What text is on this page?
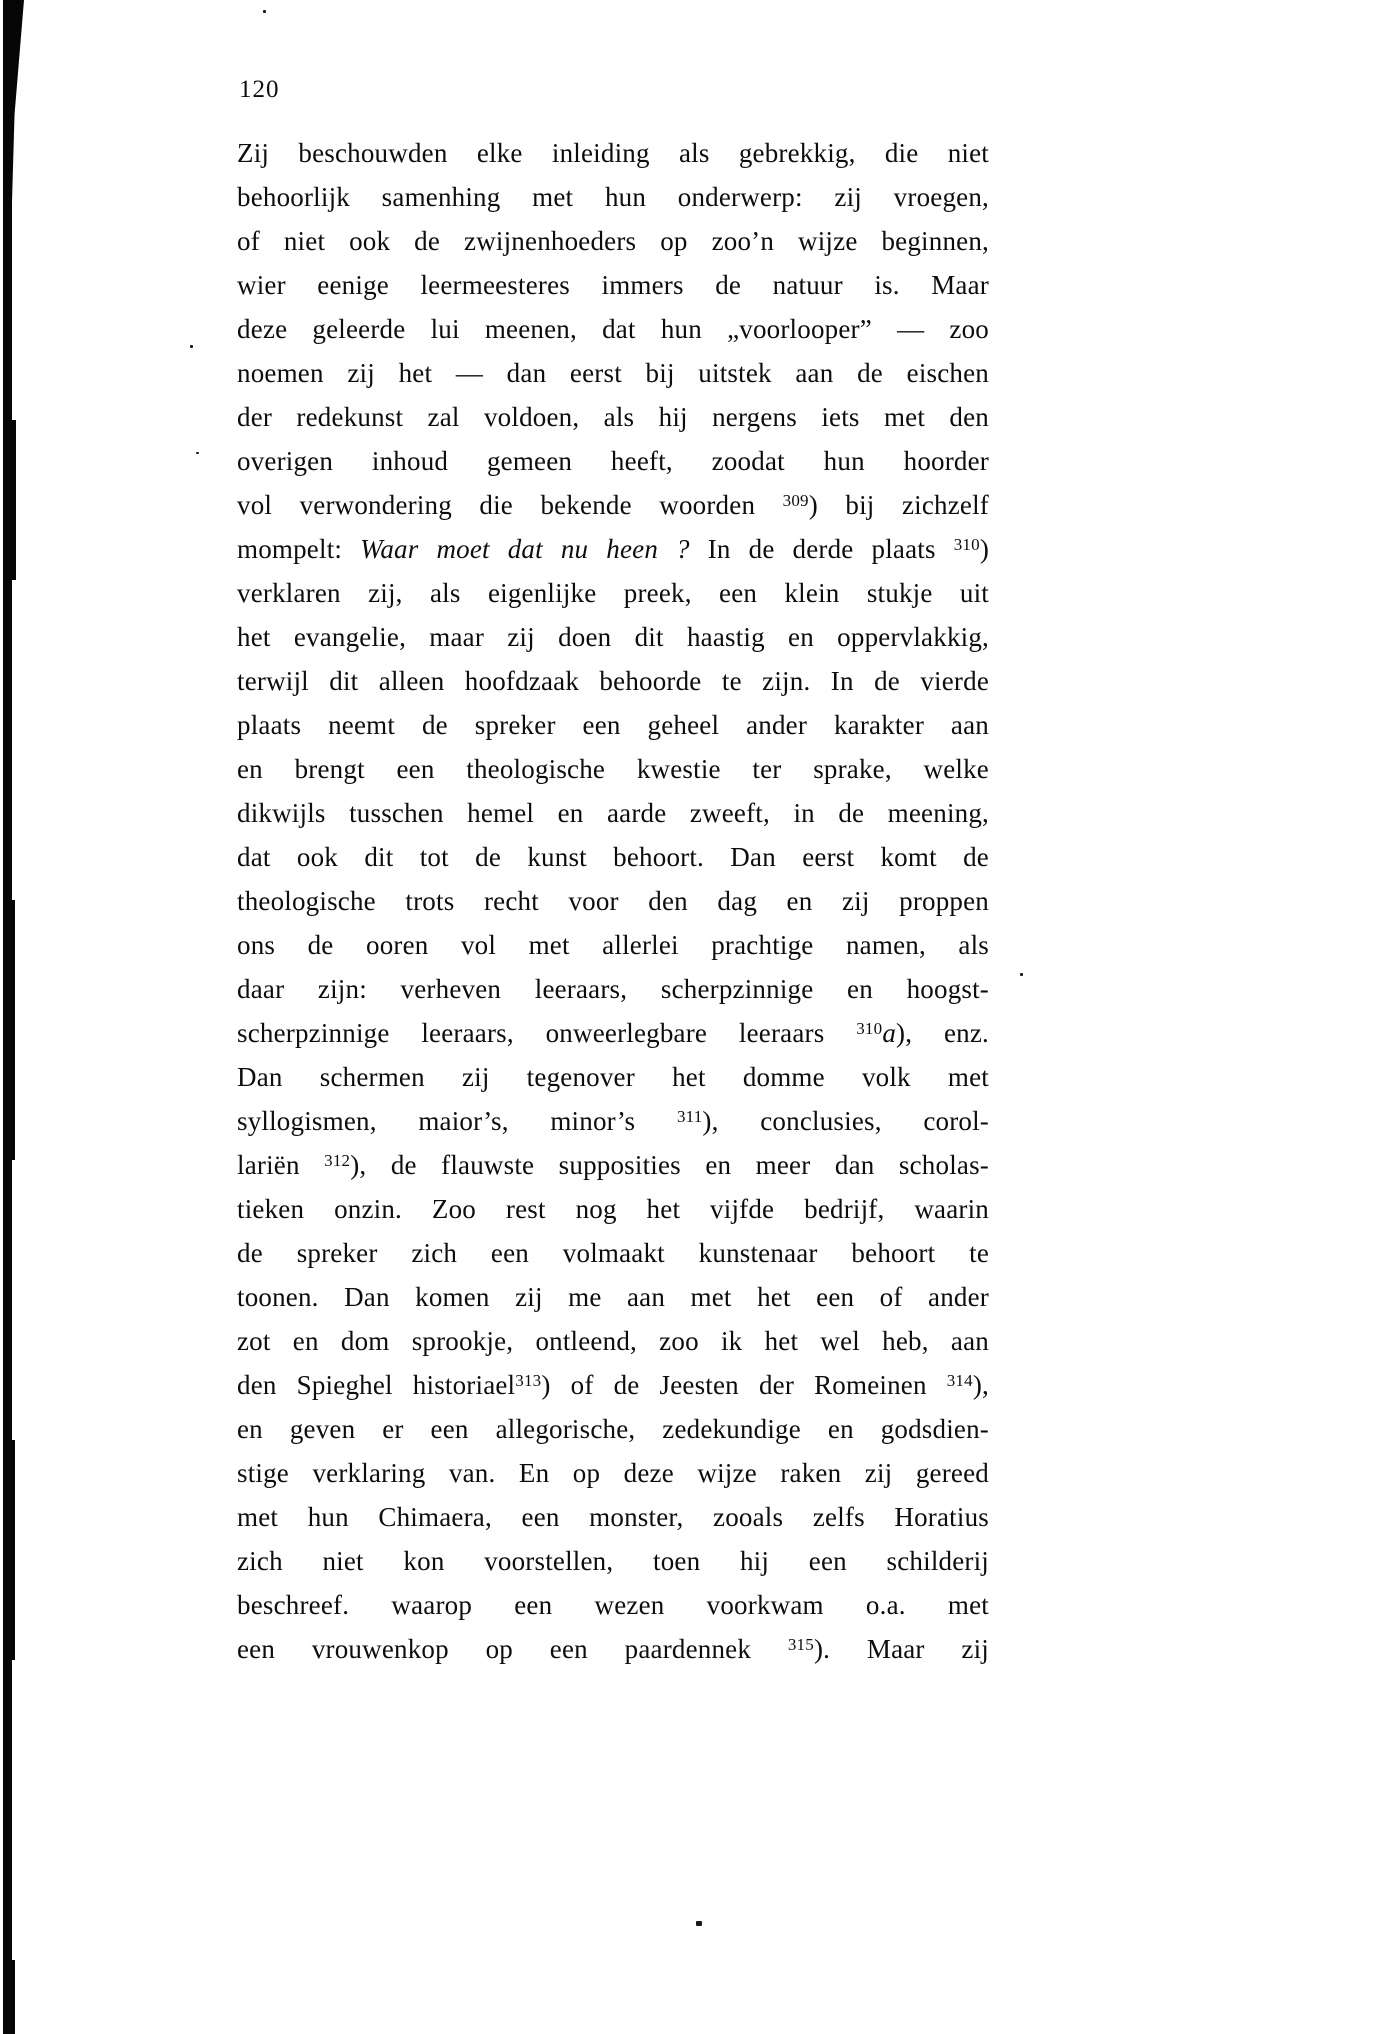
120
Zij beschouwden elke inleiding als gebrekkig, die niet
behoorlijk samenhing met hun onderwerp: zij vroegen,
of niet ook de zwijnenhoeders op zoo’n wijze beginnen,
wier eenige leermeesteres immers de natuur is. Maar
deze geleerde lui meenen, dat hun „voorlooper” — zoo
noemen zij het — dan eerst bij uitstek aan de eischen
der redekunst zal voldoen, als hij nergens iets met den
overigen inhoud gemeen heeft, zoodat hun hoorder
vol verwondering die bekende woorden $^{309}$) bij zichzelf
mompelt: Waar moet dat nu heen ? In de derde plaats $^{310}$)
verklaren zij, als eigenlijke preek, een klein stukje uit
het evangelie, maar zij doen dit haastig en oppervlakkig,
terwijl dit alleen hoofdzaak behoorde te zijn. In de vierde
plaats neemt de spreker een geheel ander karakter aan
en brengt een theologische kwestie ter sprake, welke
dikwijls tusschen hemel en aarde zweeft, in de meening,
dat ook dit tot de kunst behoort. Dan eerst komt de
theologische trots recht voor den dag en zij proppen
ons de ooren vol met allerlei prachtige namen, als
daar zijn: verheven leeraars, scherpzinnige en hoogst-
scherpzinnige leeraars, onweerlegbare leeraars $^{310}$a), enz.
Dan schermen zij tegenover het domme volk met
syllogismen, maior’s, minor’s $^{311}$), conclusies, corol-
lariën $^{312}$), de flauwste supposities en meer dan scholas-
tieken onzin. Zoo rest nog het vijfde bedrijf, waarin
de spreker zich een volmaakt kunstenaar behoort te
toonen. Dan komen zij me aan met het een of ander
zot en dom sprookje, ontleend, zoo ik het wel heb, aan
den Spieghel historiael$^{313}$) of de Jeesten der Romeinen $^{314}$),
en geven er een allegorische, zedekundige en godsdien-
stige verklaring van. En op deze wijze raken zij gereed
met hun Chimaera, een monster, zooals zelfs Horatius
zich niet kon voorstellen, toen hij een schilderij
beschreef. waarop een wezen voorkwam o.a. met
een vrouwenkop op een paardennek $^{315}$). Maar zij
